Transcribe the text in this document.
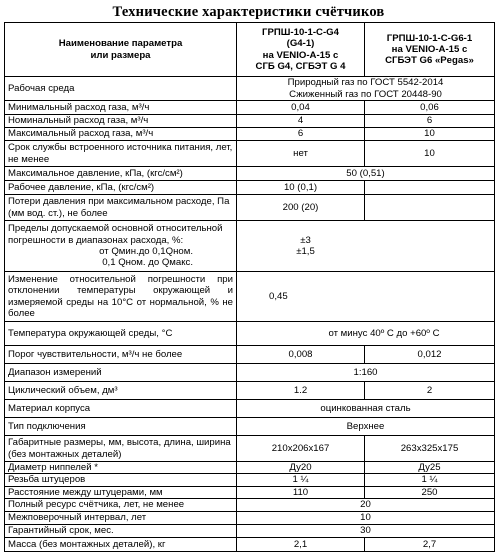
Технические характеристики счётчиков
Наименование параметра
или размера	ГРПШ-10-1-С-G4
(G4-1)
на VENIO-A-15 с
СГБ G4, СГБЭТ G 4	ГРПШ-10-1-С-G6-1
на VENIO-A-15 с
СГБЭТ G6 «Pegas»

Рабочая среда	Природный газ по ГОСТ 5542-2014
Сжиженный газ по ГОСТ 20448-90	

Минимальный расход газа, м³/ч	0,04	0,06
Номинальный расход газа, м³/ч	4	6
Максимальный расход газа, м³/ч	6	10

Срок службы встроенного источника питания, лет,
не менее	нет	10
Максимальное давление, кПа, (кгс/см²)	50 (0,51)	
Рабочее давление, кПа, (кгс/см²)	10 (0,1)	

Потери давления при максимальном расходе, Па
(мм вод. ст.), не более	200 (20)	

Пределы допускаемой основной относительной
погрешности в диапазонах расхода, %:
от Qмин.до 0,1Qном.
0,1 Qном. до Qмакс.	±3
±1,5	

Изменение относительной погрешности при
отклонении температуры окружающей и
измеряемой среды на 10°С от нормальной, % не
более	0,45	
Температура окружающей среды, °С	от минус 40º С до +60º С	
Порог чувствительности, м³/ч не более	0,008	0,012
Диапазон измерений	1:160	
Циклический объем, дм³	1.2	2
Материал корпуса	оцинкованная сталь	
Тип подключения	Верхнее	

Габаритные размеры, мм, высота, длина, ширина
(без монтажных деталей)	210x206x167	263x325x175
Диаметр ниппелей *	Ду20	Ду25
Резьба штуцеров	1 ¼	1 ¼
Расстояние между штуцерами, мм	110	250
Полный ресурс счётчика, лет, не менее	20	
Межповерочный интервал, лет	10	
Гарантийный срок, мес.	30	
Масса (без монтажных деталей), кг	2,1	2,7
